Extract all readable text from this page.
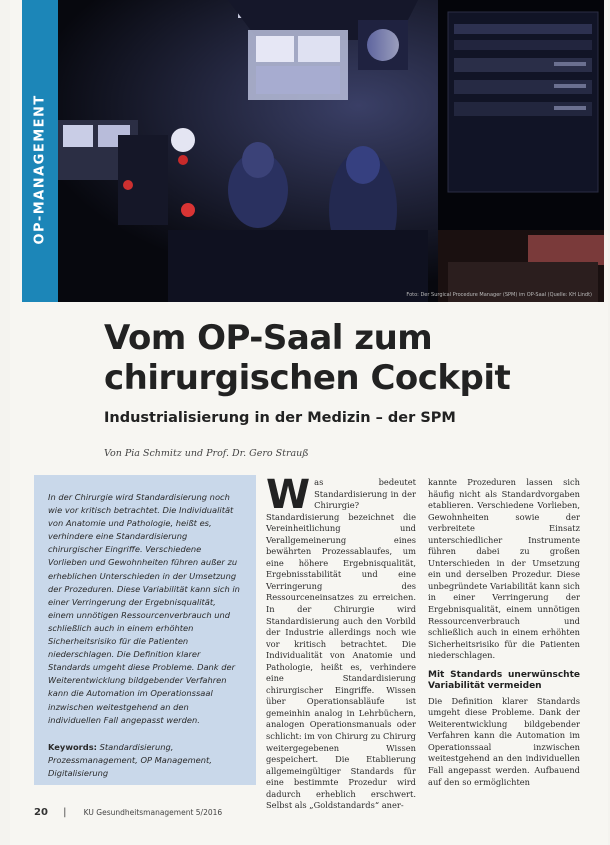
OP-MANAGEMENT
Foto: Der Surgical Procedure Manager (SPM) im OP-Saal (Quelle: KH Lindt)
Vom OP-Saal zum
chirurgischen Cockpit
Industrialisierung in der Medizin – der SPM
Von Pia Schmitz und Prof. Dr. Gero Strauß

In der Chirurgie wird Standardisierung noch wie vor kritisch betrachtet. Die Individualität von Anatomie und Pathologie, heißt es, verhindere eine Standardisierung chirurgischer Eingriffe. Verschiedene Vorlieben und Gewohnheiten führen außer zu erheblichen Unterschieden in der Umsetzung der Prozeduren. Diese Variabilität kann sich in einer Verringerung der Ergebnisqualität, einem unnötigen Ressourcenverbrauch und schließlich auch in einem erhöhten Sicherheitsrisiko für die Patienten niederschlagen. Die Definition klarer Standards umgeht diese Probleme. Dank der Weiterentwicklung bildgebender Verfahren kann die Automation im Operationssaal inzwischen weitestgehend an den individuellen Fall angepasst werden.

Keywords: Standardisierung, Prozessmanagement, OP Management, Digitalisierung

W as bedeutet Standardisierung in der Chirurgie? Standardisierung bezeichnet die Vereinheitlichung und Verallgemeinerung eines bewährten Prozessablaufes, um eine höhere Ergebnisqualität, Ergebnisstabilität und eine Verringerung des Ressourceneinsatzes zu erreichen. In der Chirurgie wird Standardisierung auch den Vorbild der Industrie allerdings noch wie vor kritisch betrachtet. Die Individualität von Anatomie und Pathologie, heißt es, verhindere eine Standardisierung chirurgischer Eingriffe. Wissen über Operationsabläufe ist gemeinhin analog in Lehrbüchern, analogen Operationsmanuals oder schlicht: im von Chirurg zu Chirurg weitergegebenen Wissen gespeichert. Die Etablierung allgemeingültiger Standards für eine bestimmte Prozedur wird dadurch erheblich erschwert. Selbst als „Goldstandards“ aner-

kannte Prozeduren lassen sich häufig nicht als Standardvorgaben etablieren. Verschiedene Vorlieben, Gewohnheiten sowie der verbreitete Einsatz unterschiedlicher Instrumente führen dabei zu großen Unterschieden in der Umsetzung ein und derselben Prozedur. Diese unbegründete Variabilität kann sich in einer Verringerung der Ergebnisqualität, einem unnötigen Ressourcenverbrauch und schließlich auch in einem erhöhten Sicherheitsrisiko für die Patienten niederschlagen.

Mit Standards unerwünschte Variabilität vermeiden

Die Definition klarer Standards umgeht diese Probleme. Dank der Weiterentwicklung bildgebender Verfahren kann die Automation im Operationssaal inzwischen weitestgehend an den individuellen Fall angepasst werden. Aufbauend auf den so ermöglichten

20 | KU Gesundheitsmanagement 5/2016
